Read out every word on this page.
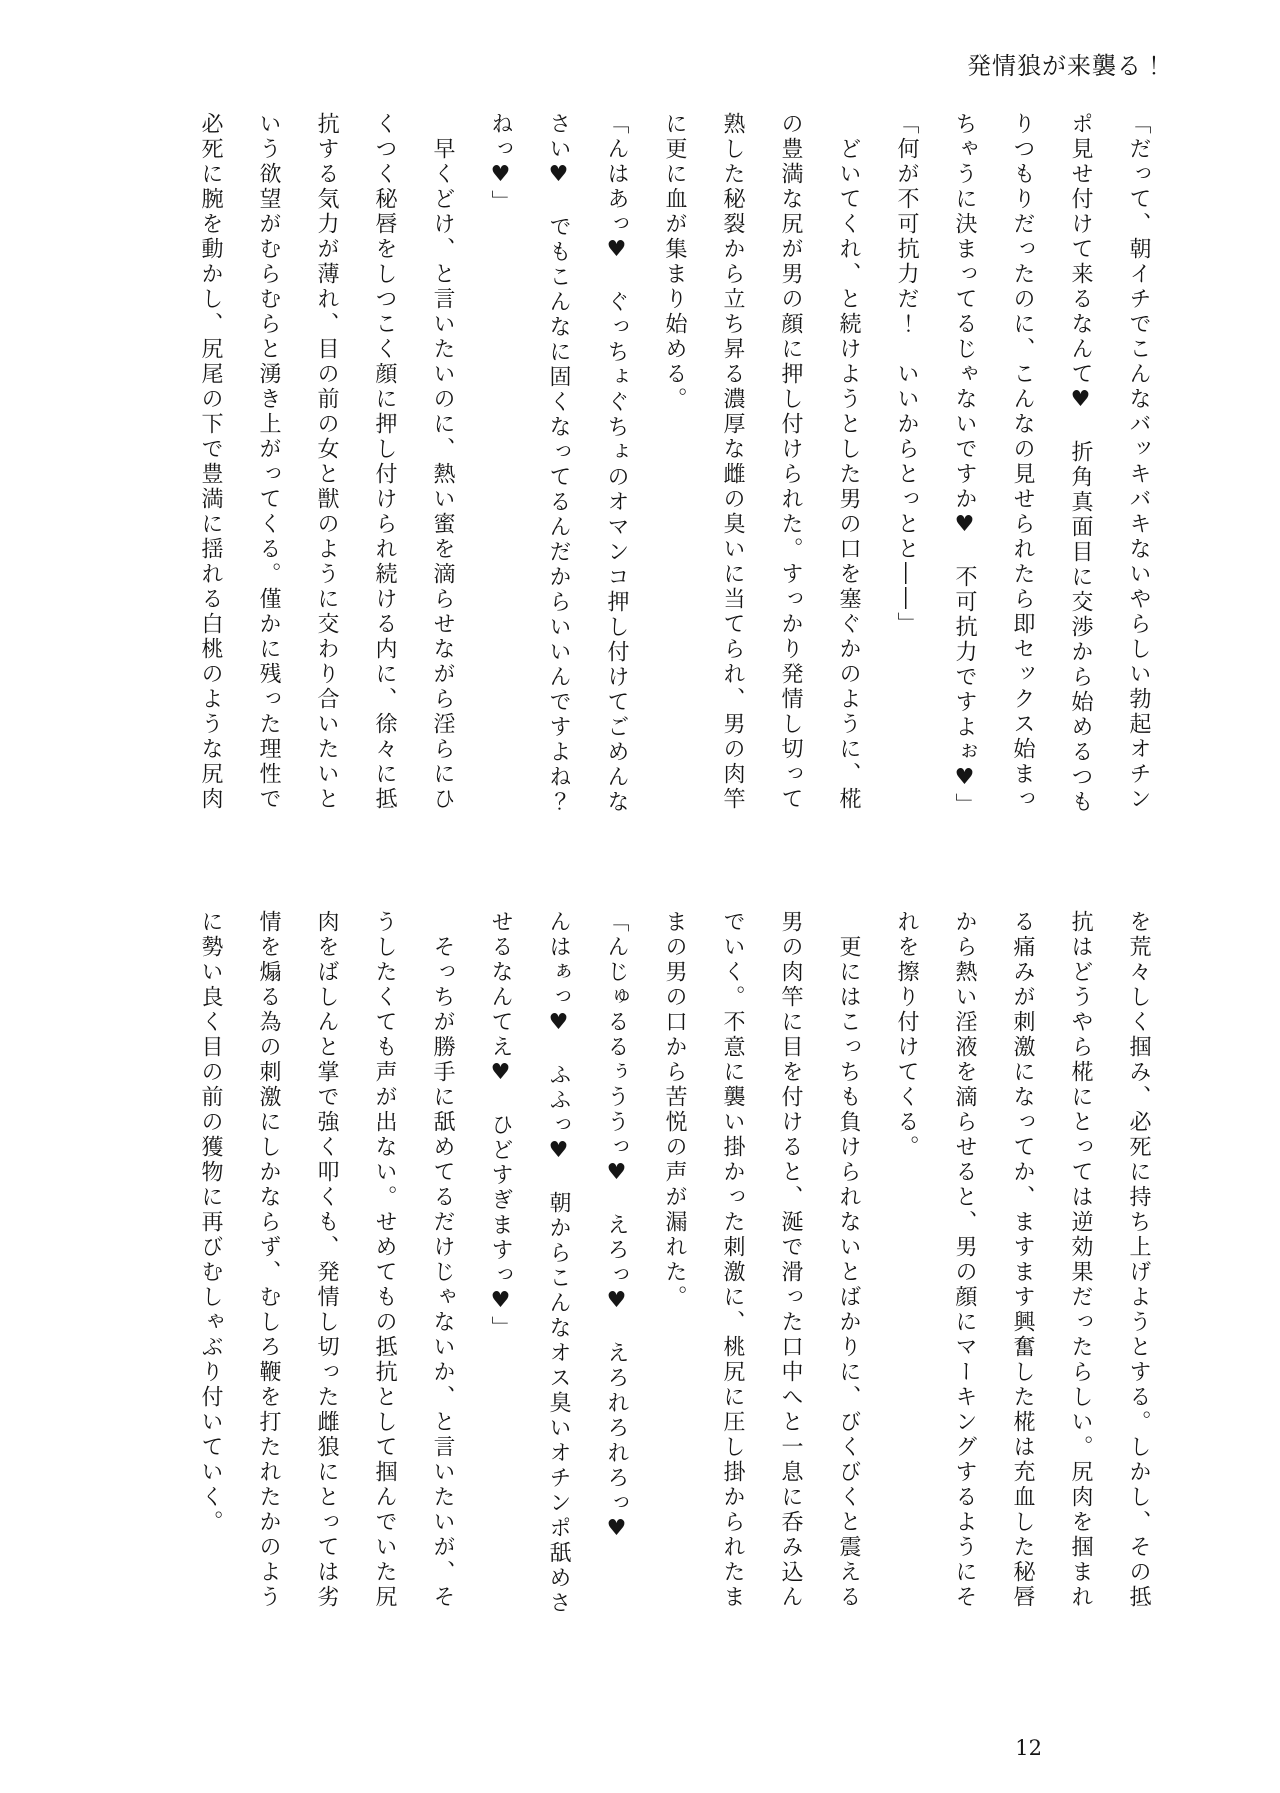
発情狼が来襲る！

「だって、朝イチでこんなバッキバキないやらしい勃起オチン

ポ見せ付けて来るなんて♥　折角真面目に交渉から始めるつも

りつもりだったのに、こんなの見せられたら即セックス始まっ

ちゃうに決まってるじゃないですか♥　不可抗力ですよぉ♥」

「何が不可抗力だ！　いいからとっとと――」

　どいてくれ、と続けようとした男の口を塞ぐかのように、椛

の豊満な尻が男の顔に押し付けられた。すっかり発情し切って

熟した秘裂から立ち昇る濃厚な雌の臭いに当てられ、男の肉竿

に更に血が集まり始める。

「んはあっ♥　ぐっちょぐちょのオマンコ押し付けてごめんな

さい♥　でもこんなに固くなってるんだからいいんですよね？

ねっ♥」

　早くどけ、と言いたいのに、熱い蜜を滴らせながら淫らにひ

くつく秘唇をしつこく顔に押し付けられ続ける内に、徐々に抵

抗する気力が薄れ、目の前の女と獣のように交わり合いたいと

いう欲望がむらむらと湧き上がってくる。僅かに残った理性で

必死に腕を動かし、尻尾の下で豊満に揺れる白桃のような尻肉

を荒々しく掴み、必死に持ち上げようとする。しかし、その抵

抗はどうやら椛にとっては逆効果だったらしい。尻肉を掴まれ

る痛みが刺激になってか、ますます興奮した椛は充血した秘唇

から熱い淫液を滴らせると、男の顔にマーキングするようにそ

れを擦り付けてくる。

　更にはこっちも負けられないとばかりに、びくびくと震える

男の肉竿に目を付けると、涎で滑った口中へと一息に呑み込ん

でいく。不意に襲い掛かった刺激に、桃尻に圧し掛かられたま

まの男の口から苦悦の声が漏れた。

「んじゅるるぅううっ♥　えろっ♥　えろれろれろっ♥

んはぁっ♥　ふふっ♥　朝からこんなオス臭いオチンポ舐めさ

せるなんてえ♥　ひどすぎますっ♥」

　そっちが勝手に舐めてるだけじゃないか、と言いたいが、そ

うしたくても声が出ない。せめてもの抵抗として掴んでいた尻

肉をばしんと掌で強く叩くも、発情し切った雌狼にとっては劣

情を煽る為の刺激にしかならず、むしろ鞭を打たれたかのよう

に勢い良く目の前の獲物に再びむしゃぶり付いていく。

12
